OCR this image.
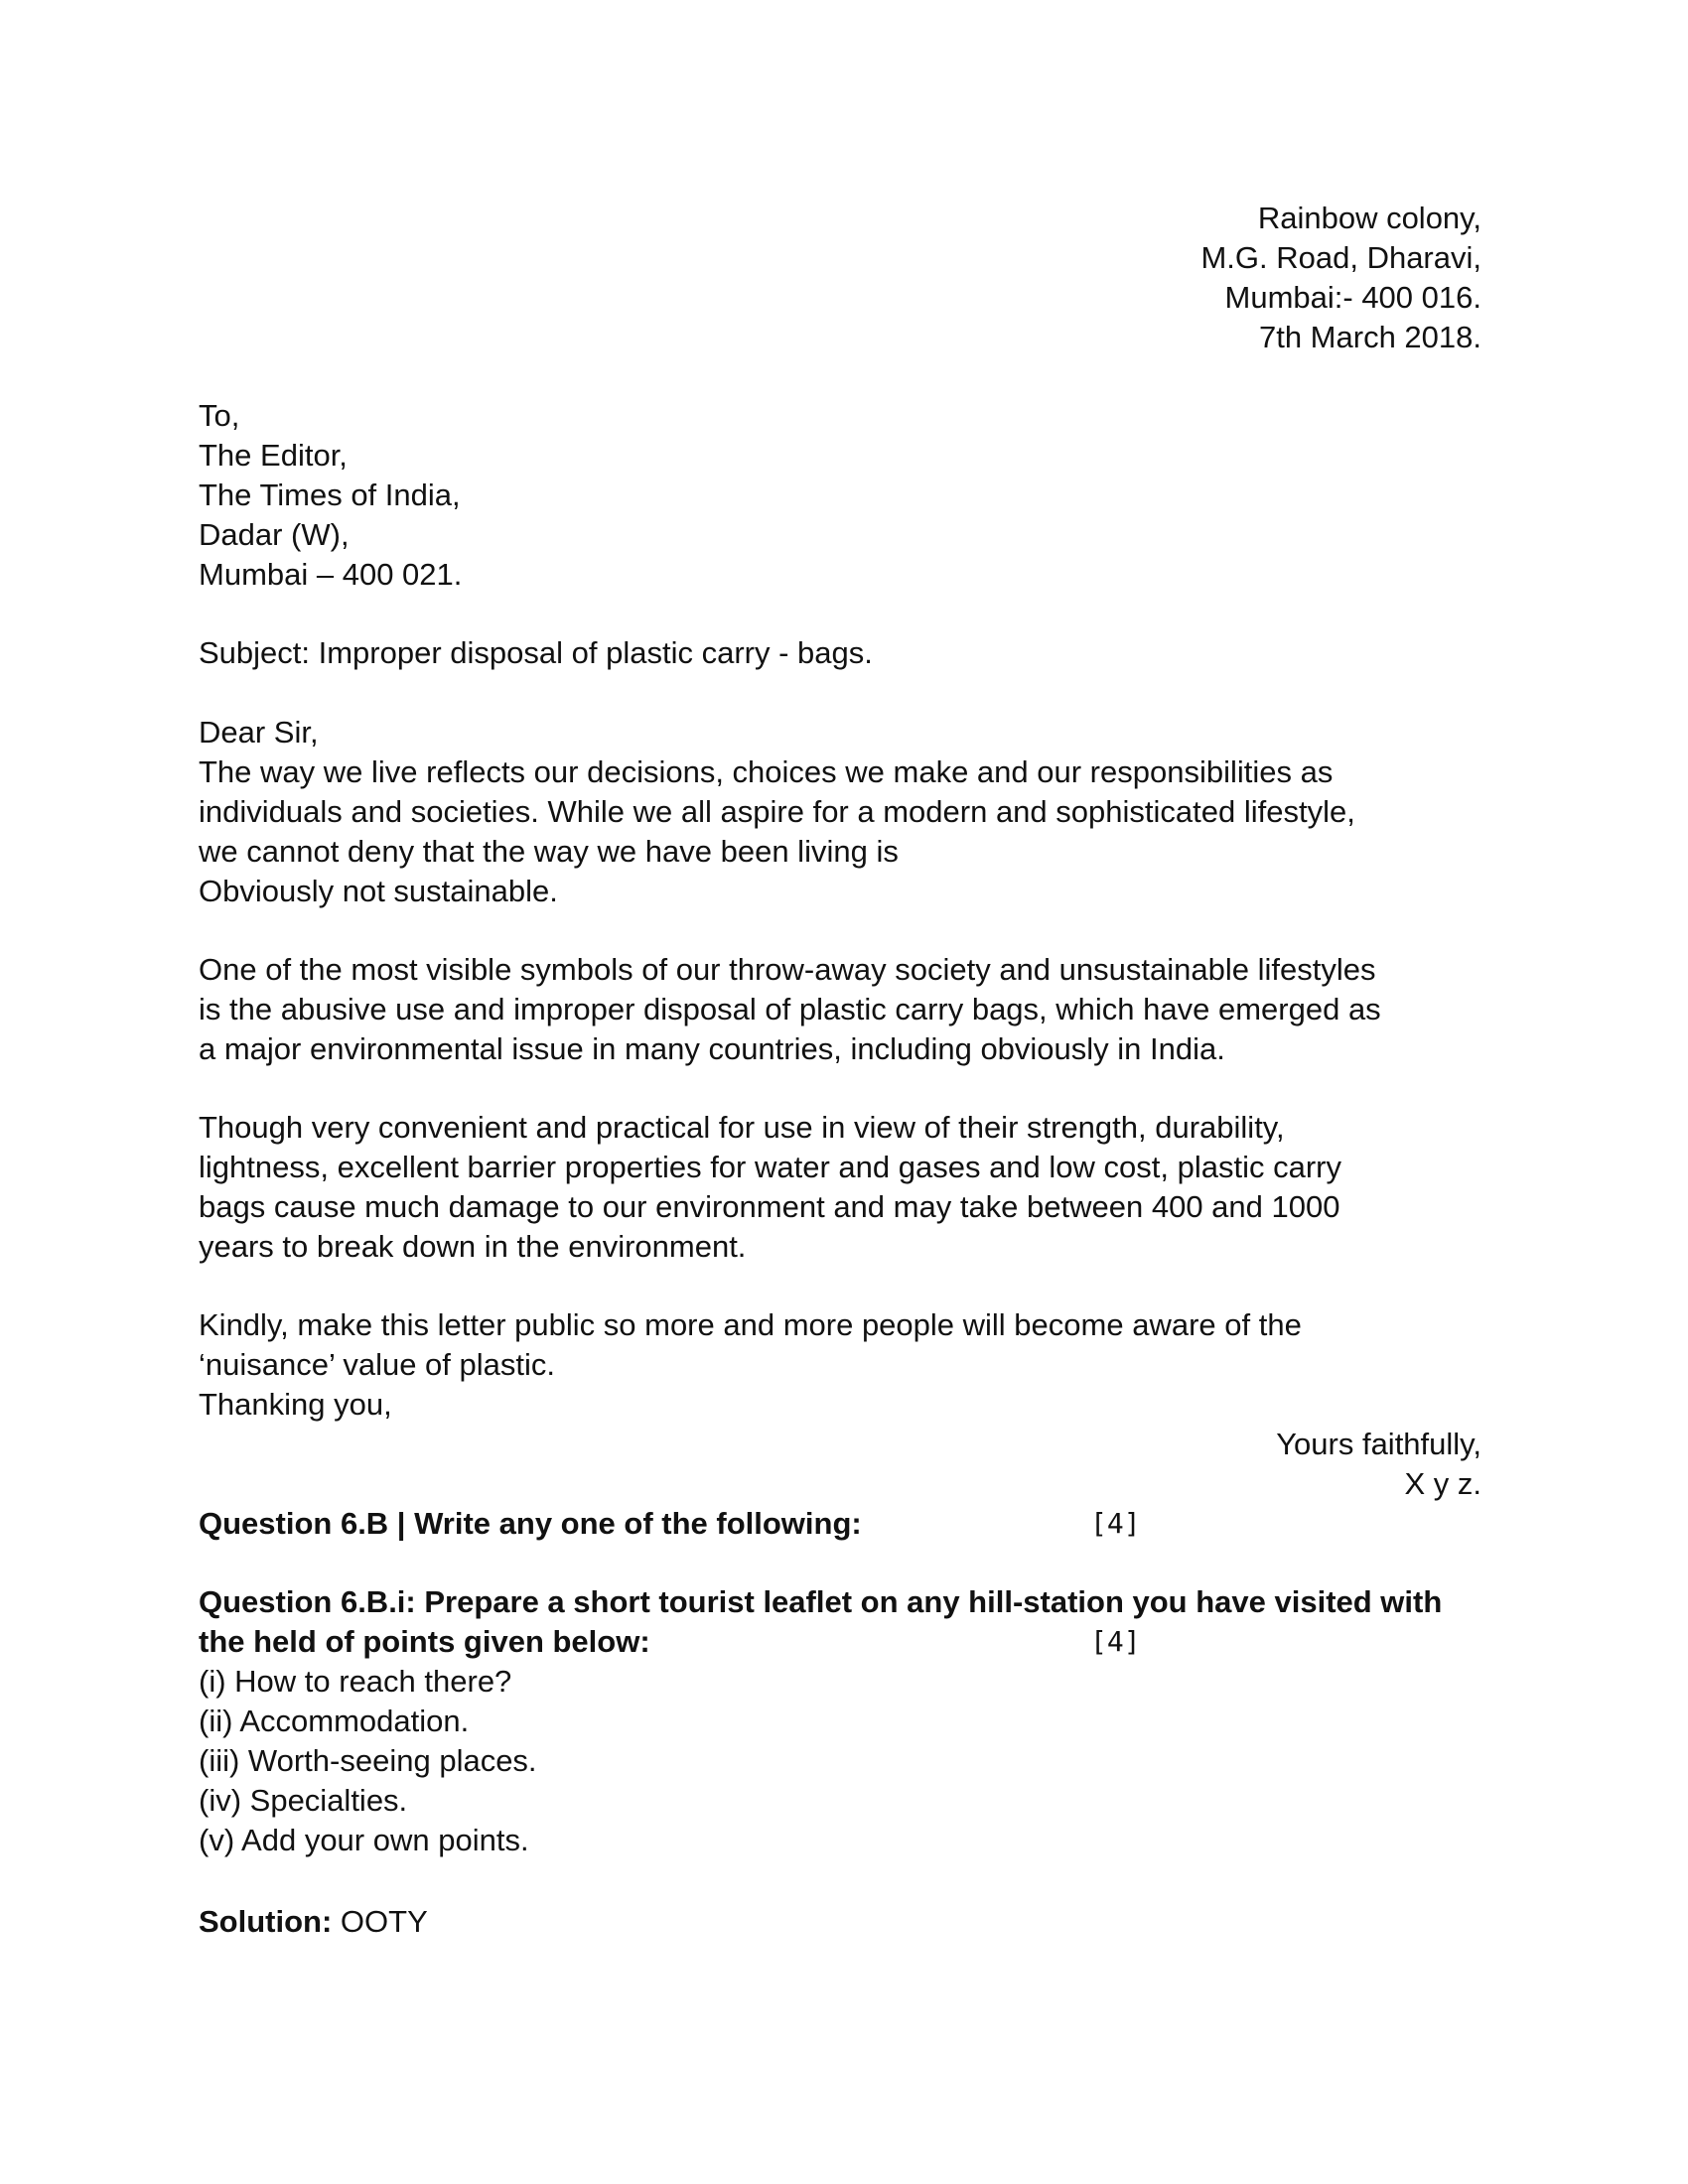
Rainbow colony,

M.G. Road, Dharavi,

Mumbai:- 400 016.

7th March 2018.

To,

The Editor,

The Times of India,

Dadar (W),

Mumbai – 400 021.

Subject: Improper disposal of plastic carry - bags.

Dear Sir,

The way we live reflects our decisions, choices we make and our responsibilities as

individuals and societies. While we all aspire for a modern and sophisticated lifestyle,

we cannot deny that the way we have been living is

Obviously not sustainable.

One of the most visible symbols of our throw-away society and unsustainable lifestyles

is the abusive use and improper disposal of plastic carry bags, which have emerged as

a major environmental issue in many countries, including obviously in India.

Though very convenient and practical for use in view of their strength, durability,

lightness, excellent barrier properties for water and gases and low cost, plastic carry

bags cause much damage to our environment and may take between 400 and 1000

years to break down in the environment.

Kindly, make this letter public so more and more people will become aware of the

‘nuisance’ value of plastic.

Thanking you,

Yours faithfully,

X y z.

Question 6.B | Write any one of the following:	[4]

Question 6.B.i: Prepare a short tourist leaflet on any hill-station you have visited with

the held of points given below:	[4]

(i) How to reach there?

(ii) Accommodation.

(iii) Worth-seeing places.

(iv) Specialties.

(v) Add your own points.

Solution: OOTY
